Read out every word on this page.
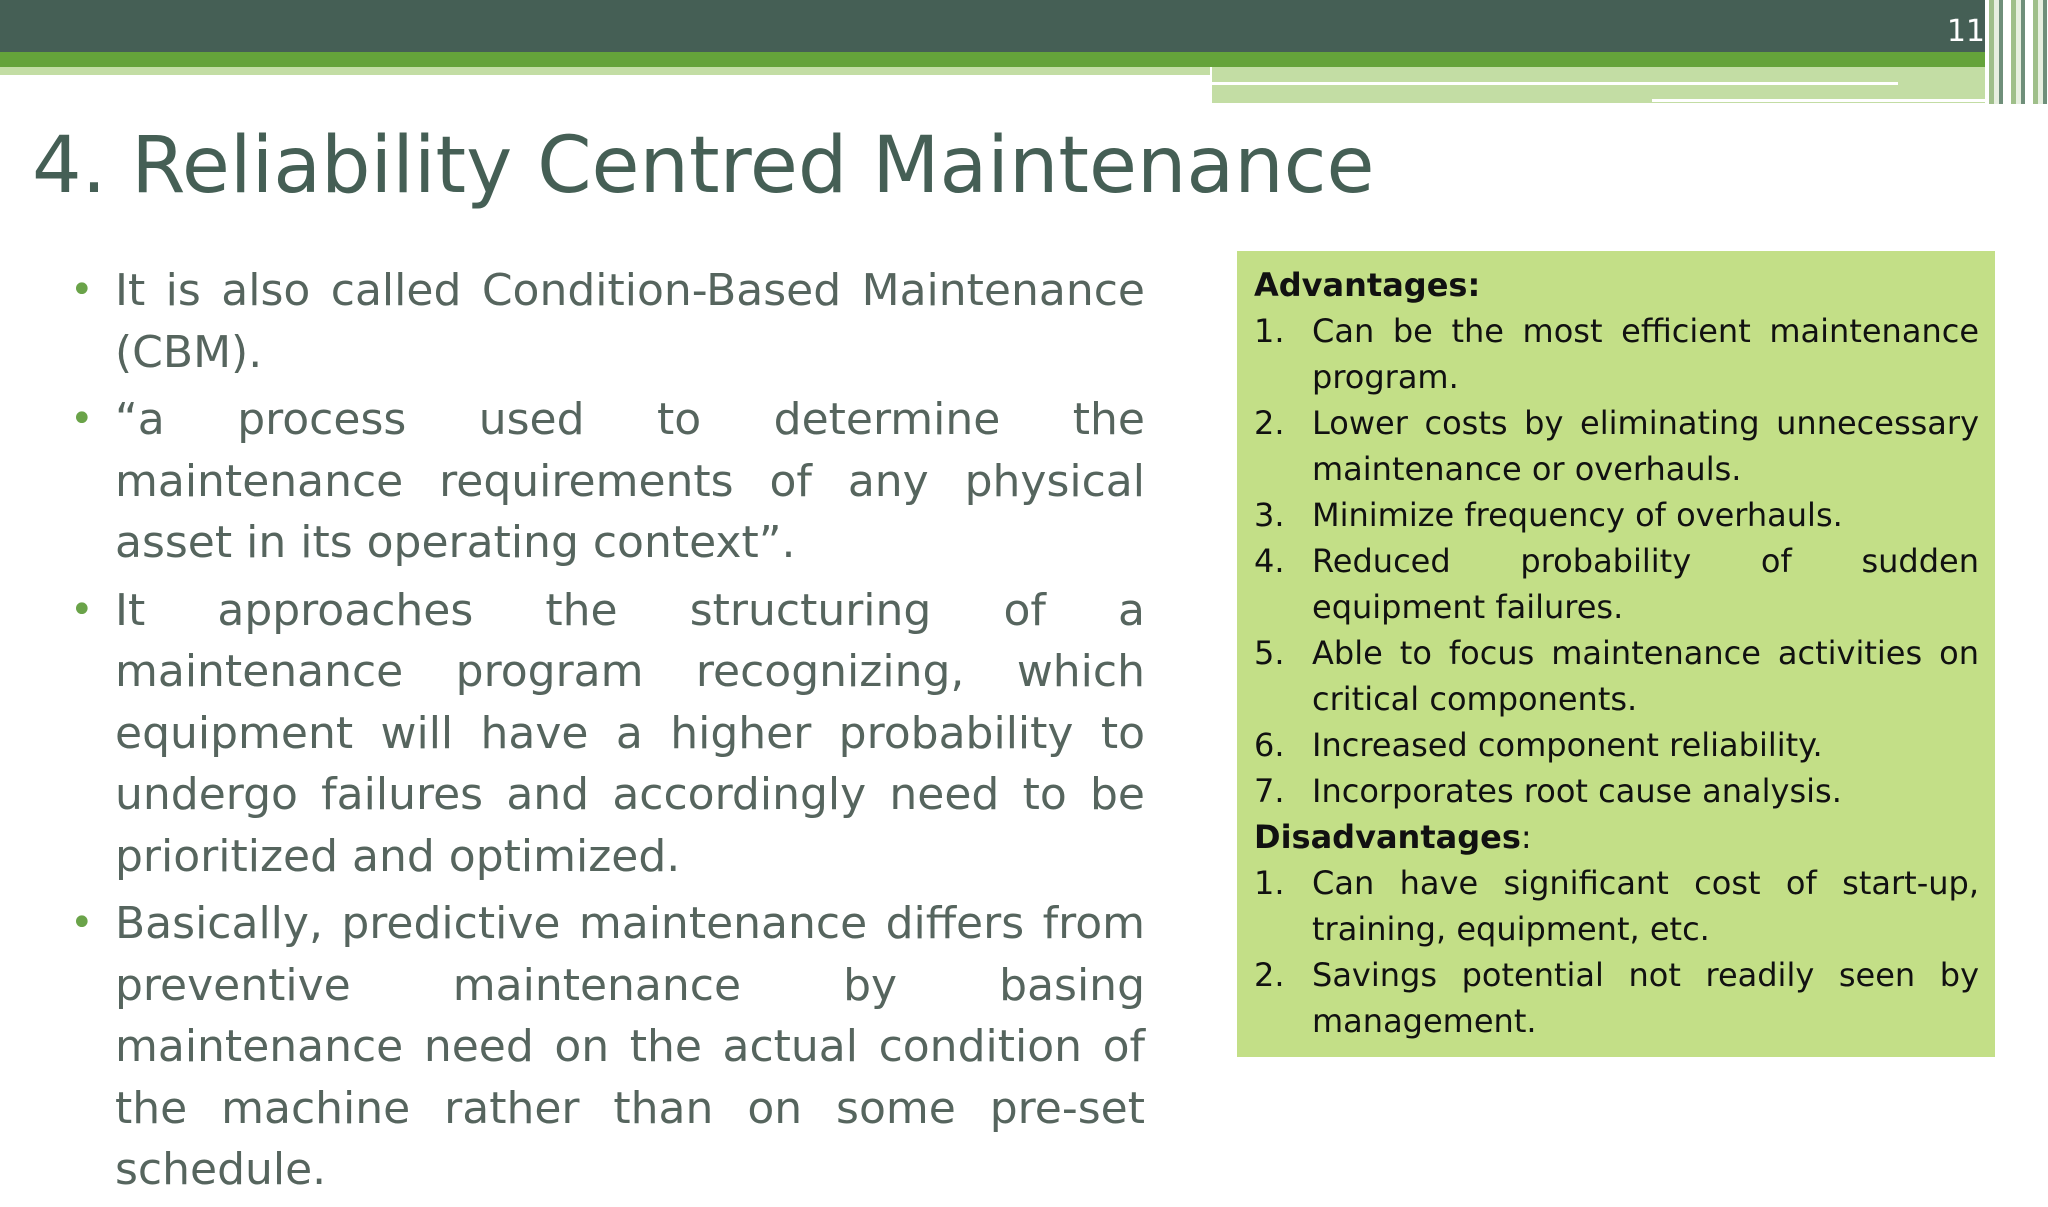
11
4. Reliability Centred Maintenance
• It is also called Condition-Based Maintenance (CBM).
• “a process used to determine the maintenance requirements of any physical asset in its operating context”.
• It approaches the structuring of a maintenance program recognizing, which equipment will have a higher probability to undergo failures and accordingly need to be prioritized and optimized.
• Basically, predictive maintenance differs from preventive maintenance by basing maintenance need on the actual condition of the machine rather than on some pre-set schedule.
Advantages:
1. Can be the most efficient maintenance program.
2. Lower costs by eliminating unnecessary maintenance or overhauls.
3. Minimize frequency of overhauls.
4. Reduced probability of sudden equipment failures.
5. Able to focus maintenance activities on critical components.
6. Increased component reliability.
7. Incorporates root cause analysis.
Disadvantages:
1. Can have significant cost of start-up, training, equipment, etc.
2. Savings potential not readily seen by management.
